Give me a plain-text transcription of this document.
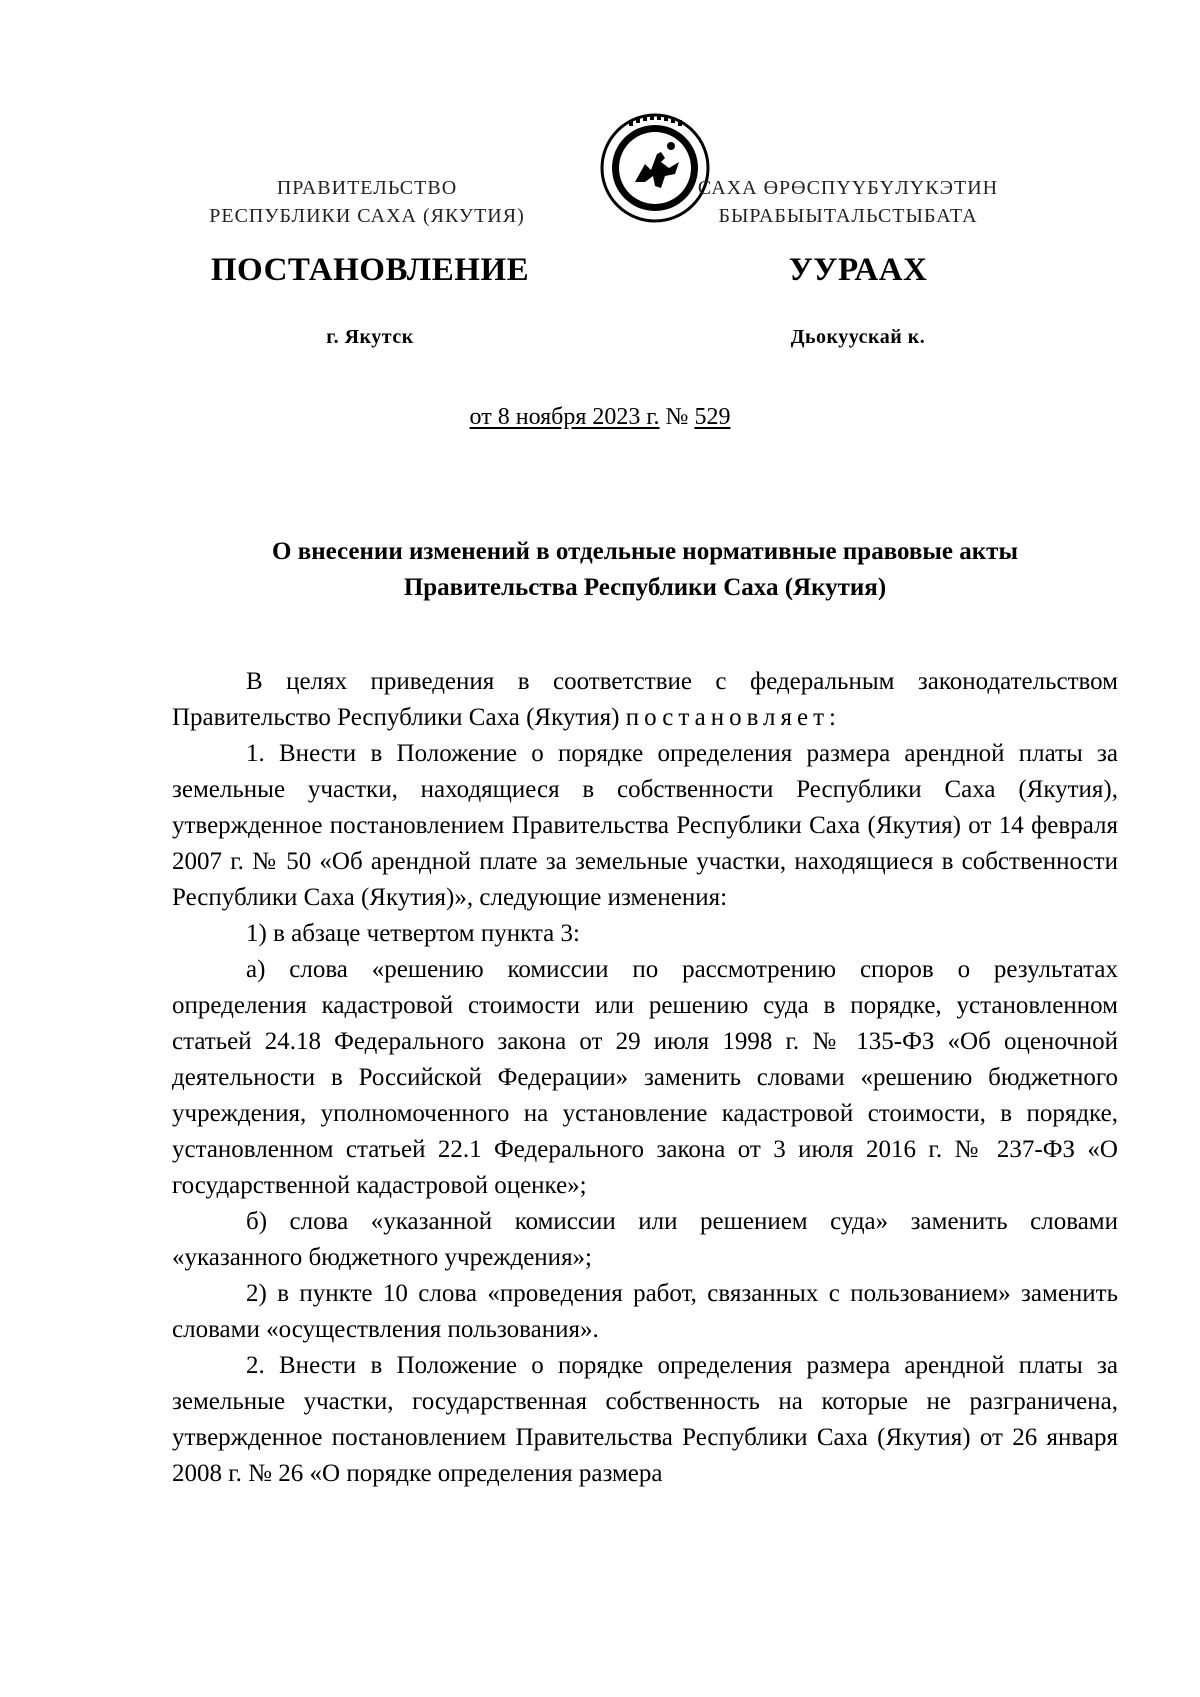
ПРАВИТЕЛЬСТВО
РЕСПУБЛИКИ САХА (ЯКУТИЯ)
САХА ӨРӨСПҮҮБҮЛҮКЭТИН
БЫРАБЫЫТАЛЬСТЫБАТА
ПОСТАНОВЛЕНИЕ	УУРААХ
г. Якутск	Дьокуускай к.
от 8 ноября 2023 г. № 529
О внесении изменений в отдельные нормативные правовые акты
Правительства Республики Саха (Якутия)

В целях приведения в соответствие с федеральным законодательством Правительство Республики Саха (Якутия) постановляет:

1. Внести в Положение о порядке определения размера арендной платы за земельные участки, находящиеся в собственности Республики Саха (Якутия), утвержденное постановлением Правительства Республики Саха (Якутия) от 14 февраля 2007 г. № 50 «Об арендной плате за земельные участки, находящиеся в собственности Республики Саха (Якутия)», следующие изменения:

1) в абзаце четвертом пункта 3:

а) слова «решению комиссии по рассмотрению споров о результатах определения кадастровой стоимости или решению суда в порядке, установленном статьей 24.18 Федерального закона от 29 июля 1998 г. № 135-ФЗ «Об оценочной деятельности в Российской Федерации» заменить словами «решению бюджетного учреждения, уполномоченного на установление кадастровой стоимости, в порядке, установленном статьей 22.1 Федерального закона от 3 июля 2016 г. № 237-ФЗ «О государственной кадастровой оценке»;

б) слова «указанной комиссии или решением суда» заменить словами «указанного бюджетного учреждения»;

2) в пункте 10 слова «проведения работ, связанных с пользованием» заменить словами «осуществления пользования».

2. Внести в Положение о порядке определения размера арендной платы за земельные участки, государственная собственность на которые не разграничена, утвержденное постановлением Правительства Республики Саха (Якутия) от 26 января 2008 г. № 26 «О порядке определения размера
